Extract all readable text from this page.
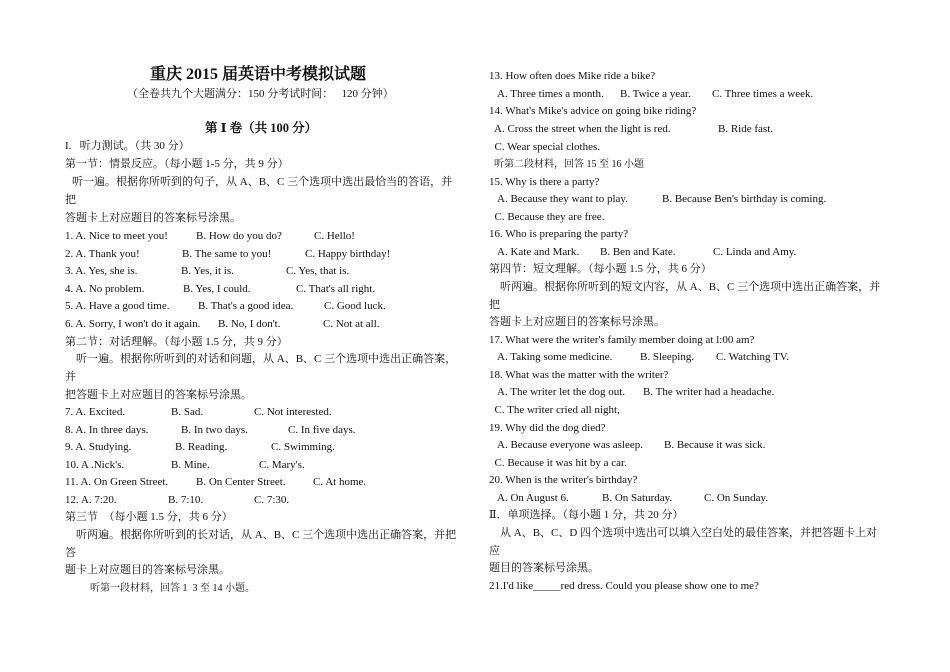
重庆 2015 届英语中考模拟试题
（全卷共九个大题满分：150 分考试时间：   120 分钟）
第 Ⅰ 卷（共 100 分）
I.   听力测试。（共 30 分）
第一节：情景反应。（每小题 1-5 分，共 9 分）
听一遍。根据你所听到的句子，从 A、B、C 三个选项中选出最恰当的答语，并
把
答题卡上对应题目的答案标号涂黑。
1. A. Nice to meet you!	B. How do you do?	C. Hello!
2. A. Thank you!	B. The same to you!	C. Happy birthday!
3. A. Yes, she is.	B. Yes, it is.	C. Yes, that is.
4. A. No problem.	B. Yes, I could.	C. That's all right.
5. A. Have a good time.	B. That's a good idea.	C. Good luck.
6. A. Sorry, I won't do it again. B. No, I don't.	C. Not at all.
第二节：对话理解。（每小题 1.5 分，共 9 分）
听一遍。根据你所听到的对话和问题，从 A、B、C 三个选项中选出正确答案，
并
把答题卡上对应题目的答案标号涂黑。
7. A. Excited.	B. Sad.	C. Not interested.
8. A. In three days.	B. In two days.	C. In five days.
9. A. Studying.	B. Reading.	C. Swimming.
10. A .Nick's.	B. Mine.	C. Mary's.
11. A. On Green Street.	B. On Center Street. C. At home.
12. A. 7:20.	B. 7:10.	C. 7:30.
第三节  （每小题 1.5 分，共 6 分）
听两遍。根据你所听到的长对话，从 A、B、C 三个选项中选出正确答案，并把
答
题卡上对应题目的答案标号涂黑。
听第一段材料，回答 1  3 至 14 小题。
13. How often does Mike ride a bike?
A. Three times a month. B. Twice a year. C. Three times a week.
14. What's Mike's advice on going bike riding?
A. Cross the street when the light is red.	B. Ride fast.
C. Wear special clothes.
听第二段材料，回答 15 至 16 小题
15. Why is there a party?
A. Because they want to play.	B. Because Ben's birthday is coming.
C. Because they are free.
16. Who is preparing the party?
A. Kate and Mark. B. Ben and Kate.	C. Linda and Amy.
第四节：短文理解。（每小题 1.5 分，共 6 分）
听两遍。根据你所听到的短文内容，从 A、B、C 三个选项中选出正确答案，并
把
答题卡上对应题目的答案标号涂黑。
17. What were the writer's family member doing at l:00 am?
A. Taking some medicine.	B. Sleeping. C. Watching TV.
18. What was the matter with the writer?
A. The writer let the dog out. B. The writer had a headache.
C. The writer cried all night,
19. Why did the dog died?
A. Because everyone was asleep. B. Because it was sick.
C. Because it was hit by a car.
20. When is the writer's birthday?
A. On August 6.	B. On Saturday.	C. On Sunday.
Ⅱ．单项选择。（每小题 1 分，共 20 分）
从 A、B、C、D 四个选项中选出可以填入空白处的最佳答案，并把答题卡上对
应
题目的答案标号涂黑。
21.I'd like_____red dress. Could you please show one to me?
